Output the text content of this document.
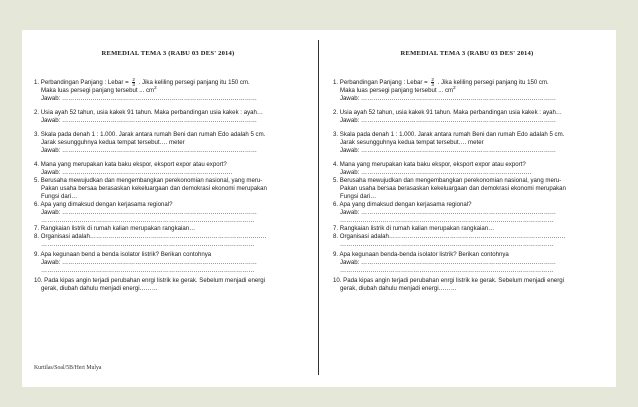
REMEDIAL TEMA 3 (RABU 03 DES' 2014)
1. Perbandingan Panjang : Lebar = $\frac{2}{3}$ . Jika keliling persegi panjang itu 150 cm.
Maka luas persegi panjang tersebut ... $cm^2$
Jawab: ……………………………………………………………………………………
2. Usia ayah 52 tahun, usia kakek 91 tahun. Maka perbandingan usia kakek : ayah…
Jawab: ……………………………………………………………………………………
3. Skala pada denah 1 : 1.000. Jarak antara rumah Beni dan rumah Edo adalah 5 cm.
Jarak sesungguhnya kedua tempat tersebut…. meter
Jawab: ……………………………………………………………………………………
4. Mana yang merupakan kata baku ekspor, eksport expor atau export?
Jawab: …………………………………………………………………………
5. Berusaha mewujudkan dan mengembangkan perekonomian nasional, yang meru-
Pakan usaha bersaa berasaskan kekeluargaan dan demokrasi ekonomi merupakan
Fungsi dari…
6. Apa yang dimaksud dengan kerjasama regional?
Jawab: ……………………………………………………………………………………
……………………………………………………………………………………………
7. Rangkaian listrik di rumah kalian merupakan rangkaian…
8. Organisasi adalah……………………………………………………………………………
……………………………………………………………………………………………
9. Apa kegunaan bend a benda isolator listrik? Berikan contohnya
Jawab: ……………………………………………………………………………………
……………………………………………………………………………………………
10. Pada kipas angin terjadi perubahan enrgi listrik ke gerak. Sebelum menjadi energi
gerak, diubah dahulu menjadi energi………
REMEDIAL TEMA 3 (RABU 03 DES' 2014)
1. Perbandingan Panjang : Lebar = $\frac{2}{3}$ . Jika keliling persegi panjang itu 150 cm.
Maka luas persegi panjang tersebut ... $cm^2$
Jawab: ……………………………………………………………………………………
2. Usia ayah 52 tahun, usia kakek 91 tahun. Maka perbandingan usia kakek : ayah…
Jawab: ……………………………………………………………………………………
3. Skala pada denah 1 : 1.000. Jarak antara rumah Beni dan rumah Edo adalah 5 cm.
Jarak sesungguhnya kedua tempat tersebut…. meter
Jawab: ……………………………………………………………………………………
4. Mana yang merupakan kata baku ekspor, eksport expor atau export?
Jawab: …………………………………………………………………………
5. Berusaha mewujudkan dan mengembangkan perekonomian nasional, yang meru-
Pakan usaha bersaa berasaskan kekeluargaan dan demokrasi ekonomi merupakan
Fungsi dari…
6. Apa yang dimaksud dengan kerjasama regional?
Jawab: ……………………………………………………………………………………
……………………………………………………………………………………………
7. Rangkaian listrik di rumah kalian merupakan rangkaian…
8. Organisasi adalah……………………………………………………………………………
……………………………………………………………………………………………
9. Apa kegunaan benda-benda isolator listrik? Berikan contohnya
Jawab: ……………………………………………………………………………………
……………………………………………………………………………………………
10. Pada kipas angin terjadi perubahan enrgi listrik ke gerak. Sebelum menjadi energi
gerak, diubah dahulu menjadi energi………
Kurtilas/Soal/5B/Heri Mulya
